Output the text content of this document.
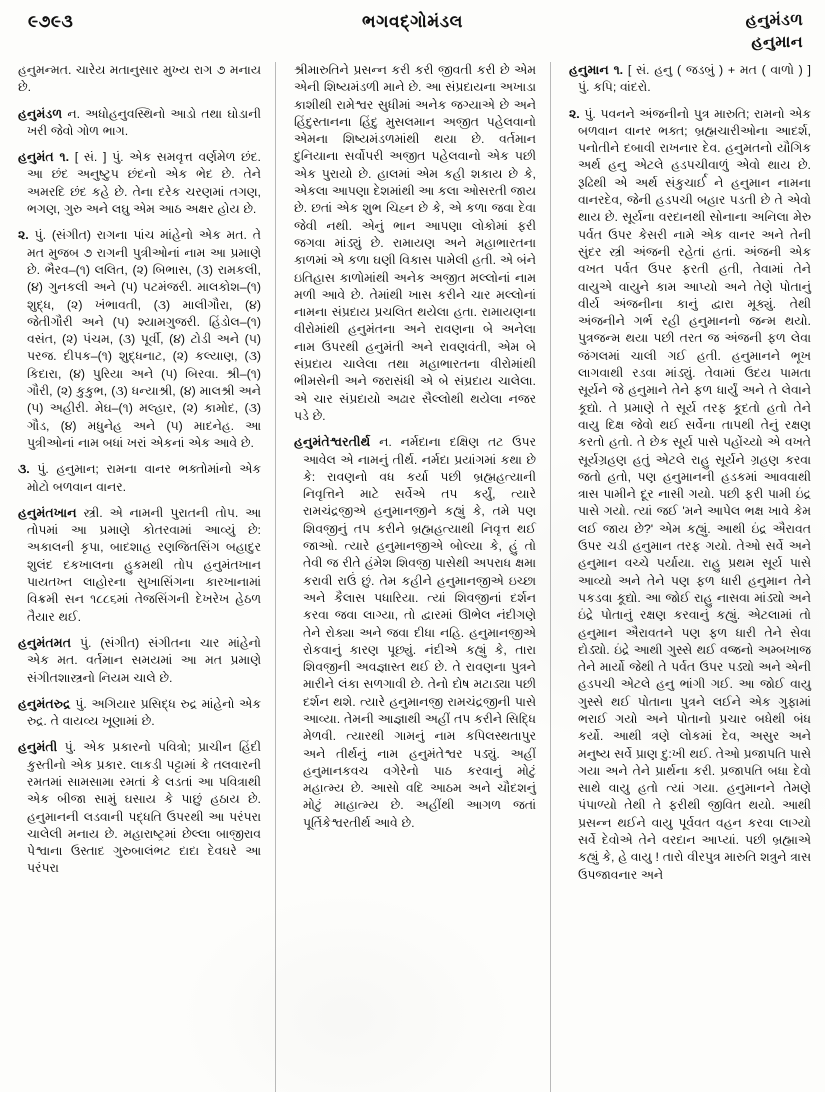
૯૭૯૩	ભગવદ્ગોમંડલ	હનુમંડળ
હનુમાન

હનુમન્મત. ચારેય મતાનુસાર મુખ્ય રાગ ૭ મનાય છે.

હનુમંડળ ન. અધોહનુવસ્થિનો આડો તથા ઘોડાની ખરી જેવો ગોળ ભાગ.

હનુમંત ૧. [ સં. ] પું. એક સમવૃત્ત વર્ણમેળ છંદ. આ છંદ અનુષ્ટુપ છંદનો એક ભેદ છે. તેને અમરદિ છંદ કહે છે. તેના દરેક ચરણમાં તગણ, ભગણ, ગુરુ અને લઘુ એમ આઠ અક્ષર હોય છે.

૨. પું. (સંગીત) રાગના પાંચ માંહેનો એક મત. તે મત મુજબ ૭ રાગની પુત્રીઓનાં નામ આ પ્રમાણે છે. ભૈરવ–(૧) લલિત, (૨) બિભાસ, (૩) રામકલી, (૪) ગુનકલી અને (૫) પટમંજરી. માલકોશ–(૧) શુદ્ધ, (૨) ખંભાવતી, (૩) માલીગૌરા, (૪) જેતીગૌરી અને (૫) શ્યામગુજરી. હિંડોલ–(૧) વસંત, (૨) પંચમ, (૩) પૂર્વી, (૪) ટોડી અને (૫) પરજ. દીપક–(૧) શુદ્ધનાટ, (૨) કલ્યાણ, (૩) કિદારા, (૪) પુરિયા અને (૫) બિરવા. શ્રી–(૧) ગૌરી, (૨) કુકુભ, (૩) ધન્યાશ્રી, (૪) માલશ્રી અને (૫) અહીરી. મેઘ–(૧) મલ્હાર, (૨) કામોદ, (૩) ગૌડ, (૪) મધુનેહ અને (૫) માદનેહ. આ પુત્રીઓનાં નામ બધાં ખરાં એકનાં એક આવે છે.

૩. પું. હનુમાન; રામના વાનર ભક્તોમાંનો એક મોટો બળવાન વાનર.

હનુમંતખાન સ્ત્રી. એ નામની પુરાતની તોપ. આ તોપમાં આ પ્રમાણે કોતરવામાં આવ્યું છે: અકાલની કૃપા, બાદશાહ રણજિતસિંગ બહાદુર શુલંદ દકખાલના હુકમથી તોપ હનુમંતખાન પાયતખ્ત લાહોરના સુખાસિંગના કારખાનામાં વિક્રમી સન ૧૮૮૬માં તેજસિંગની દેખરેખ હેઠળ તૈયાર થઈ.

હનુમંતમત પું. (સંગીત) સંગીતના ચાર માંહેનો એક મત. વર્તમાન સમયમાં આ મત પ્રમાણે સંગીતશાસ્ત્રનો નિયમ ચાલે છે.

હનુમંતરુદ્ર પું. અગિયાર પ્રસિદ્ધ રુદ્ર માંહેનો એક રુદ્ર. તે વાયવ્ય ખૂણામાં છે.

હનુમંતી પું. એક પ્રકારનો પવિત્રો; પ્રાચીન હિંદી કુસ્તીનો એક પ્રકાર. લાકડી પટ્ટામાં કે તલવારની રમતમાં સામસામા રમતાં કે લડતાં આ પવિત્રાથી એક બીજા સામું ઘસાય કે પાછું હઠાય છે. હનુમાનની લડવાની પદ્ધતિ ઉપરથી આ પરંપરા ચાલેલી મનાય છે. મહારાષ્ટ્રમાં છેલ્લા બાજીરાવ પેશ્વાના ઉસ્તાદ ગુરુબાલંભટ દાદા દેવઘરે આ પરંપરા

શ્રીમારુતિને પ્રસન્ન કરી કરી જીવતી કરી છે એમ એની શિષ્યમંડળી માને છે. આ સંપ્રદાયના અખાડા કાશીથી રામેશ્વર સુધીમાં અનેક જગ્યાએ છે અને હિંદુસ્તાનના હિંદુ મુસલમાન અજીત પહેલવાનો એમના શિષ્યમંડળમાંથી થયા છે. વર્તમાન દુનિયાના સર્વોપરી અજીત પહેલવાનો એક પછી એક પુરાયો છે. હાલમાં એમ કહી શકાય છે કે, એકલા આપણા દેશમાંથી આ કલા ઓસરતી જાય છે. છતાં એક શુભ ચિહ્ન છે કે, એ કળા જવા દેવા જેવી નથી. એનું ભાન આપણા લોકોમાં ફરી જગવા માંડ્યું છે. રામાયણ અને મહાભારતના કાળમાં એ કળા ઘણી વિકાસ પામેલી હતી. એ બંને ઇતિહાસ કાળોમાંથી અનેક અજીત મલ્લોનાં નામ મળી આવે છે. તેમાંથી ખાસ કરીને ચાર મલ્લોનાં નામના સંપ્રદાય પ્રચલિત થયેલા હતા. રામાયણના વીરોમાંથી હનુમંતના અને રાવણના બે અનેલા નામ ઉપરથી હનુમંતી અને રાવણવંતી, એમ બે સંપ્રદાય ચાલેલા તથા મહાભારતના વીરોમાંથી ભીમસેની અને જરાસંધી એ બે સંપ્રદાય ચાલેલા. એ ચાર સંપ્રદાયો અઢાર સૈલ્લોથી થયેલા નજર પડે છે.

હનુમંતેશ્વરતીર્થ ન. નર્મદાના દક્ષિણ તટ ઉપર આવેલ એ નામનું તીર્થ. નર્મદા પ્રયાંગમાં કથા છે કે: રાવણનો વધ કર્યા પછી બ્રહ્મહત્યાની નિવૃત્તિને માટે સર્વેએ તપ કર્યું, ત્યારે રામચંદ્રજીએ હનુમાનજીને કહ્યું કે, તમે પણ શિવજીનું તપ કરીને બ્રહ્મહત્યાથી નિવૃત્ત થઈ જાઓ. ત્યારે હનુમાનજીએ બોલ્યા કે, હું તો તેવી જ રીતે હંમેશ શિવજી પાસેથી અપરાધ ક્ષમા કરાવી રાઉં છું. તેમ કહીને હનુમાનજીએ ઇચ્છા અને કૈલાસ પધારિયા. ત્યાં શિવજીનાં દર્શન કરવા જવા લાગ્યા, તો દ્વારમાં ઊભેલ નંદીગણે તેને રોક્યા અને જવા દીધા નહિ. હનુમાનજીએ રોકવાનું કારણ પૂછ્યું. નંદીએ કહ્યું કે, તારા શિવજીની અવજ્ઞાસ્ત થઈ છે. તે રાવણના પુત્રને મારીને લંકા સળગાવી છે. તેનો દોષ મટાડ્યા પછી દર્શન થશે. ત્યારે હનુમાનજી રામચંદ્રજીની પાસે આવ્યા. તેમની આજ્ઞાથી અહીં તપ કરીને સિદ્ધિ મેળવી. ત્યારથી ગામનું નામ કપિલસ્થતાપુર અને તીર્થનું નામ હનુમંતેશ્વર પડ્યું. અહીં હનુમાનકવચ વગેરેનો પાઠ કરવાનું મોટું મહાત્મ્ય છે. આસો વદિ આઠમ અને ચૌદશનું મોટું માહાત્મ્ય છે. અહીંથી આગળ જતાં પૂર્તિકેશ્વરતીર્થ આવે છે.

હનુમાન ૧. [ સં. હનુ ( જડબું ) + મત ( વાળો ) ] પું. કપિ; વાંદરો.

૨. પું. પવનને અંજનીનો પુત્ર મારુતિ; રામનો એક બળવાન વાનર ભક્ત; બ્રહ્મચારીઓના આદર્શ, પનોતીને દબાવી રાખનાર દેવ. હનુમતનો યૌગિક અર્થ હનુ એટલે હડપચીવાળું એવો થાય છે. રૂઢિથી એ અર્થ સંકુચાર્ઈ ને હનુમાન નામના વાનરદેવ, જેની હડપચી બહાર પડતી છે તે એવો થાય છે. સૂર્યના વરદાનથી સોનાના અનિલા મેરુ પર્વત ઉપર કેસરી નામે એક વાનર અને તેની સુંદર સ્ત્રી અંજની રહેતાં હતાં. અંજની એક વખત પર્વત ઉપર ફરતી હતી, તેવામાં તેને વાયુએ વાયુને કામ આપ્યો અને તેણે પોતાનું વીર્ય અંજનીના કાનું દ્વારા મૂક્યું. તેથી અંજનીને ગર્ભ રહી હનુમાનનો જન્મ થયો. પુત્રજન્મ થયા પછી તરત જ અંજની ફળ લેવા જંગલમાં ચાલી ગઈ હતી. હનુમાનને ભૂખ લાગવાથી રડવા માંડ્યું. તેવામાં ઉદય પામતા સૂર્યને જે હનુમાને તેને ફળ ધાર્યું અને તે લેવાને કૂદ્યો. તે પ્રમાણે તે સૂર્ય તરફ કૂદતો હતો તેને વાયુ દિક્ષ જેવો થઈ સર્વેના તાપથી તેનું રક્ષણ કરતો હતો. તે છેક સૂર્ય પાસે પહોંચ્યો એ વખતે સૂર્યગ્રહણ હતું એટલે રાહુ સૂર્યને ગ્રહણ કરવા જતો હતો, પણ હનુમાનની હડકમાં આવવાથી ત્રાસ પામીને દૂર નાસી ગયો. પછી ફરી પામી ઇંદ્ર પાસે ગયો. ત્યાં જઈ 'મને આપેલ ભક્ષ ખાવે કેમ લઈ જાય છે?' એમ કહ્યું. આથી ઇંદ્ર ઐરાવત ઉપર ચડી હનુમાન તરફ ગયો. તેઓ સર્વે અને હનુમાન વચ્ચે પર્યાયા. રાહુ પ્રથમ સૂર્ય પાસે આવ્યો અને તેને પણ ફળ ધારી હનુમાન તેને પકડવા કૂદ્યો. આ જોઈ રાહુ નાસવા માંડ્યો અને ઇંદ્રે પોતાનું રક્ષણ કરવાનું કહ્યું. એટલામાં તો હનુમાન ઐરાવતને પણ ફળ ધારી તેને સેવા દોડ્યો. ઇંદ્રે આથી ગુસ્સે થઈ વજ્રનો અમ્બખાજ તેને માર્યો જેથી તે પર્વત ઉપર પડ્યો અને એની હડપચી એટલે હનુ ભાંગી ગઈ. આ જોઈ વાયુ ગુસ્સે થઈ પોતાના પુત્રને લઈને એક ગુફામાં ભરાઈ ગયો અને પોતાનો પ્રચાર બધેથી બંધ કર્યો. આથી ત્રણે લોકમાં દેવ, અસુર અને મનુષ્ય સર્વે પ્રાણ દુ:ખી થઈ. તેઓ પ્રજાપતિ પાસે ગયા અને તેને પ્રાર્થના કરી. પ્રજાપતિ બધા દેવો સાથે વાયુ હતો ત્યાં ગયા. હનુમાનને તેમણે પંપાળ્યો તેથી તે ફરીથી જીવિત થયો. આથી પ્રસન્ન થઈને વાયુ પૂર્વવત વહન કરવા લાગ્યો સર્વે દેવોએ તેને વરદાન આપ્યાં. પછી બ્રહ્માએ કહ્યું કે, હે વાયુ ! તારો વીરપુત્ર મારુતિ શત્રુને ત્રાસ ઉપજાવનાર અને
